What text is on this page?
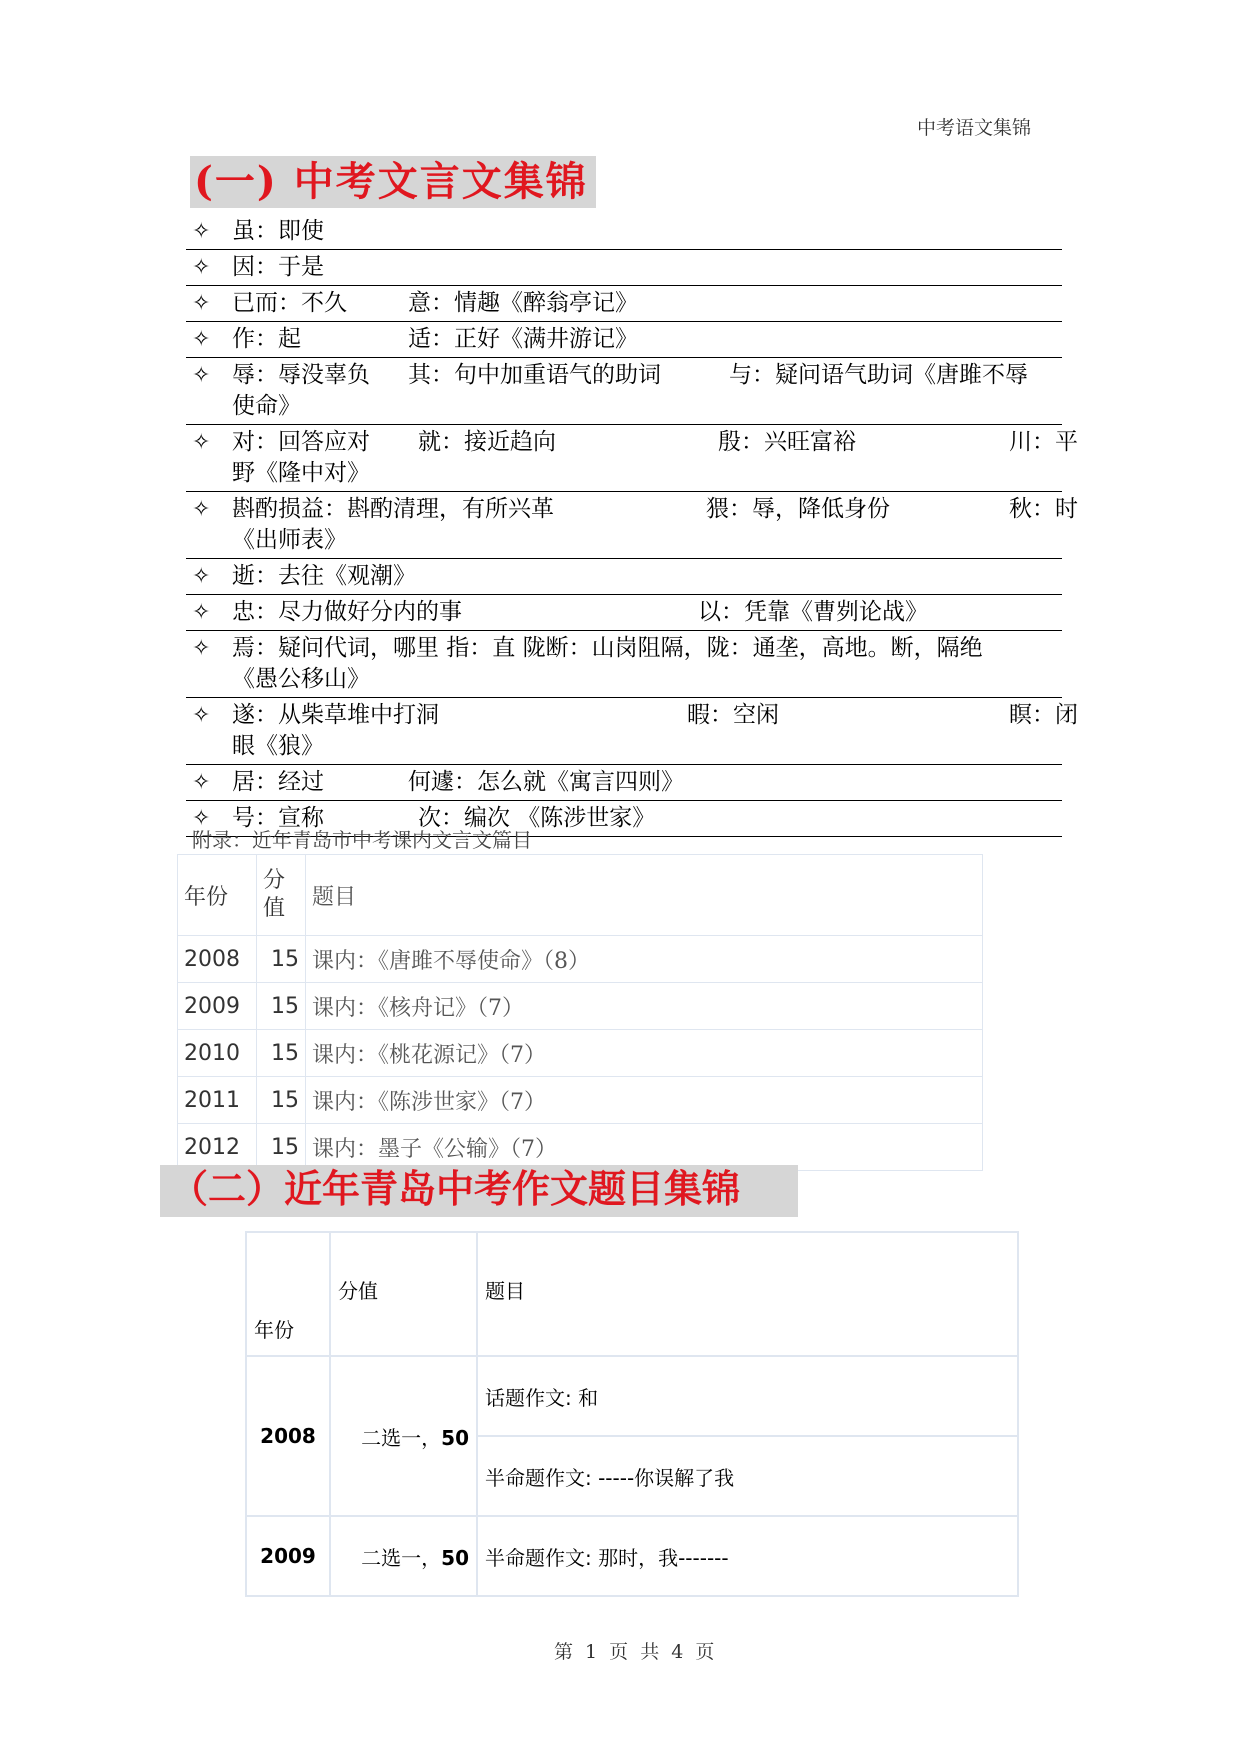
中考语文集锦
(一) 中考文言文集锦
✧ 虽：即使
✧ 因：于是
✧ 已而：不久	意：情趣《醉翁亭记》
✧ 作：起	适：正好《满井游记》
✧ 辱：辱没辜负 其：句中加重语气的助词	与：疑问语气助词《唐雎不辱
使命》
✧ 对：回答应对 就：接近趋向	殷：兴旺富裕	川：平
野《隆中对》
✧ 斟酌损益：斟酌清理，有所兴革	猥：辱，降低身份	秋：时
《出师表》
✧ 逝：去往《观潮》
✧ 忠：尽力做好分内的事	以：凭靠《曹刿论战》
✧ 焉：疑问代词，哪里 指：直 陇断：山岗阻隔，陇：通垄，高地。断，隔绝
《愚公移山》
✧ 遂：从柴草堆中打洞	暇：空闲	瞑：闭
眼《狼》
✧ 居：经过	何遽：怎么就《寓言四则》
✧ 号：宣称	次：编次 《陈涉世家》
附录：近年青岛市中考课内文言文篇目
年份	分
值	题目
2008	15	课内：《唐雎不辱使命》（8）
2009	15	课内：《核舟记》（7）
2010	15	课内：《桃花源记》（7）
2011	15	课内：《陈涉世家》（7）
2012	15	课内：墨子《公输》（7）
（二）近年青岛中考作文题目集锦
年份	分值	题目
2008	二选一，50	话题作文: 和
		半命题作文: -----你误解了我
2009	二选一，50	半命题作文: 那时，我-------
第 1 页 共 4 页
